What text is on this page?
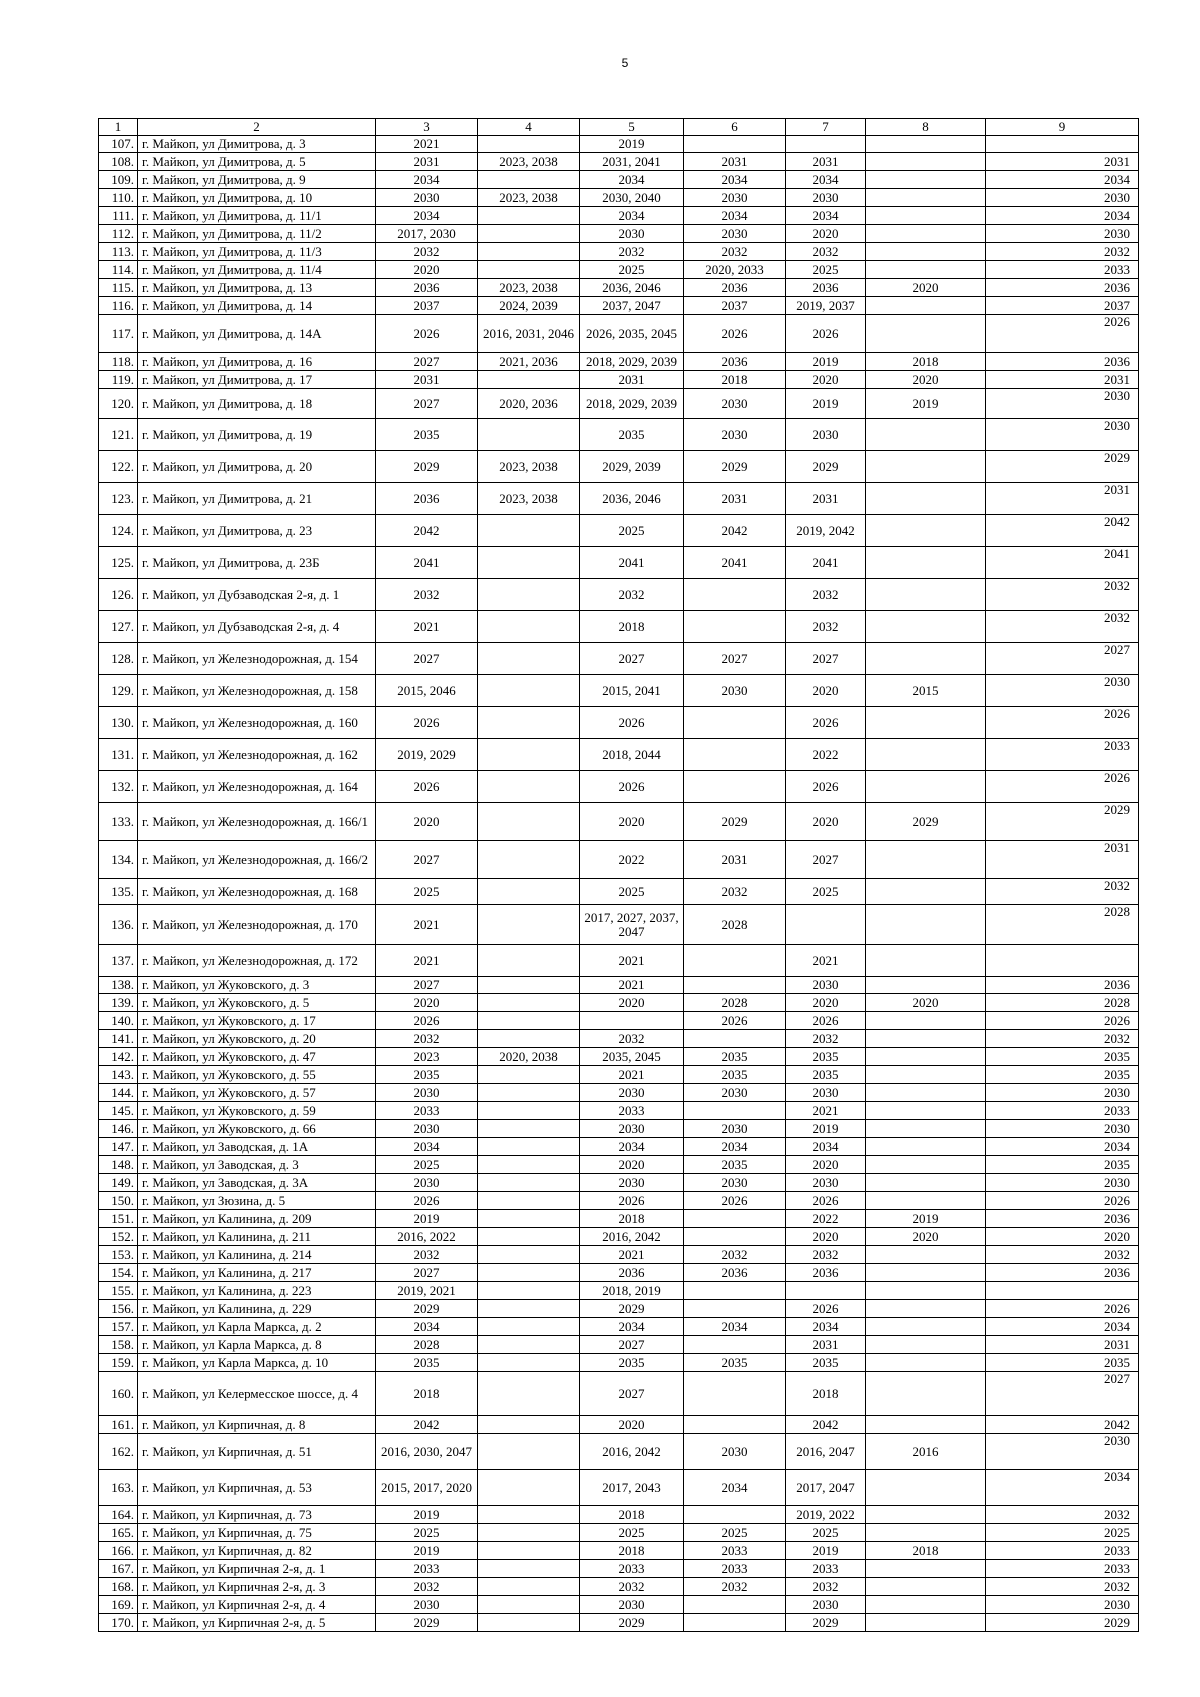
5
1	2	3	4	5	6	7	8	9
107.	г. Майкоп, ул Димитрова, д. 3	2021		2019				
108.	г. Майкоп, ул Димитрова, д. 5	2031	2023, 2038	2031, 2041	2031	2031		2031
109.	г. Майкоп, ул Димитрова, д. 9	2034		2034	2034	2034		2034
110.	г. Майкоп, ул Димитрова, д. 10	2030	2023, 2038	2030, 2040	2030	2030		2030
111.	г. Майкоп, ул Димитрова, д. 11/1	2034		2034	2034	2034		2034
112.	г. Майкоп, ул Димитрова, д. 11/2	2017, 2030		2030	2030	2020		2030
113.	г. Майкоп, ул Димитрова, д. 11/3	2032		2032	2032	2032		2032
114.	г. Майкоп, ул Димитрова, д. 11/4	2020		2025	2020, 2033	2025		2033
115.	г. Майкоп, ул Димитрова, д. 13	2036	2023, 2038	2036, 2046	2036	2036	2020	2036
116.	г. Майкоп, ул Димитрова, д. 14	2037	2024, 2039	2037, 2047	2037	2019, 2037		2037
117.	г. Майкоп, ул Димитрова, д. 14А	2026	2016, 2031, 2046	2026, 2035, 2045	2026	2026		2026
118.	г. Майкоп, ул Димитрова, д. 16	2027	2021, 2036	2018, 2029, 2039	2036	2019	2018	2036
119.	г. Майкоп, ул Димитрова, д. 17	2031		2031	2018	2020	2020	2031
120.	г. Майкоп, ул Димитрова, д. 18	2027	2020, 2036	2018, 2029, 2039	2030	2019	2019	2030
121.	г. Майкоп, ул Димитрова, д. 19	2035		2035	2030	2030		2030
122.	г. Майкоп, ул Димитрова, д. 20	2029	2023, 2038	2029, 2039	2029	2029		2029
123.	г. Майкоп, ул Димитрова, д. 21	2036	2023, 2038	2036, 2046	2031	2031		2031
124.	г. Майкоп, ул Димитрова, д. 23	2042		2025	2042	2019, 2042		2042
125.	г. Майкоп, ул Димитрова, д. 23Б	2041		2041	2041	2041		2041
126.	г. Майкоп, ул Дубзаводская 2-я, д. 1	2032		2032		2032		2032
127.	г. Майкоп, ул Дубзаводская 2-я, д. 4	2021		2018		2032		2032
128.	г. Майкоп, ул Железнодорожная, д. 154	2027		2027	2027	2027		2027
129.	г. Майкоп, ул Железнодорожная, д. 158	2015, 2046		2015, 2041	2030	2020	2015	2030
130.	г. Майкоп, ул Железнодорожная, д. 160	2026		2026		2026		2026
131.	г. Майкоп, ул Железнодорожная, д. 162	2019, 2029		2018, 2044		2022		2033
132.	г. Майкоп, ул Железнодорожная, д. 164	2026		2026		2026		2026
133.	г. Майкоп, ул Железнодорожная, д. 166/1	2020		2020	2029	2020	2029	2029
134.	г. Майкоп, ул Железнодорожная, д. 166/2	2027		2022	2031	2027		2031
135.	г. Майкоп, ул Железнодорожная, д. 168	2025		2025	2032	2025		2032
136.	г. Майкоп, ул Железнодорожная, д. 170	2021		2017, 2027, 2037, 2047	2028			2028
137.	г. Майкоп, ул Железнодорожная, д. 172	2021		2021		2021		
138.	г. Майкоп, ул Жуковского, д. 3	2027		2021		2030		2036
139.	г. Майкоп, ул Жуковского, д. 5	2020		2020	2028	2020	2020	2028
140.	г. Майкоп, ул Жуковского, д. 17	2026			2026	2026		2026
141.	г. Майкоп, ул Жуковского, д. 20	2032		2032		2032		2032
142.	г. Майкоп, ул Жуковского, д. 47	2023	2020, 2038	2035, 2045	2035	2035		2035
143.	г. Майкоп, ул Жуковского, д. 55	2035		2021	2035	2035		2035
144.	г. Майкоп, ул Жуковского, д. 57	2030		2030	2030	2030		2030
145.	г. Майкоп, ул Жуковского, д. 59	2033		2033		2021		2033
146.	г. Майкоп, ул Жуковского, д. 66	2030		2030	2030	2019		2030
147.	г. Майкоп, ул Заводская, д. 1А	2034		2034	2034	2034		2034
148.	г. Майкоп, ул Заводская, д. 3	2025		2020	2035	2020		2035
149.	г. Майкоп, ул Заводская, д. 3А	2030		2030	2030	2030		2030
150.	г. Майкоп, ул Зюзина, д. 5	2026		2026	2026	2026		2026
151.	г. Майкоп, ул Калинина, д. 209	2019		2018		2022	2019	2036
152.	г. Майкоп, ул Калинина, д. 211	2016, 2022		2016, 2042		2020	2020	2020
153.	г. Майкоп, ул Калинина, д. 214	2032		2021	2032	2032		2032
154.	г. Майкоп, ул Калинина, д. 217	2027		2036	2036	2036		2036
155.	г. Майкоп, ул Калинина, д. 223	2019, 2021		2018, 2019				
156.	г. Майкоп, ул Калинина, д. 229	2029		2029		2026		2026
157.	г. Майкоп, ул Карла Маркса, д. 2	2034		2034	2034	2034		2034
158.	г. Майкоп, ул Карла Маркса, д. 8	2028		2027		2031		2031
159.	г. Майкоп, ул Карла Маркса, д. 10	2035		2035	2035	2035		2035
160.	г. Майкоп, ул Келермесское шоссе, д. 4	2018		2027		2018		2027
161.	г. Майкоп, ул Кирпичная, д. 8	2042		2020		2042		2042
162.	г. Майкоп, ул Кирпичная, д. 51	2016, 2030, 2047		2016, 2042	2030	2016, 2047	2016	2030
163.	г. Майкоп, ул Кирпичная, д. 53	2015, 2017, 2020		2017, 2043	2034	2017, 2047		2034
164.	г. Майкоп, ул Кирпичная, д. 73	2019		2018		2019, 2022		2032
165.	г. Майкоп, ул Кирпичная, д. 75	2025		2025	2025	2025		2025
166.	г. Майкоп, ул Кирпичная, д. 82	2019		2018	2033	2019	2018	2033
167.	г. Майкоп, ул Кирпичная 2-я, д. 1	2033		2033	2033	2033		2033
168.	г. Майкоп, ул Кирпичная 2-я, д. 3	2032		2032	2032	2032		2032
169.	г. Майкоп, ул Кирпичная 2-я, д. 4	2030		2030		2030		2030
170.	г. Майкоп, ул Кирпичная 2-я, д. 5	2029		2029		2029		2029
